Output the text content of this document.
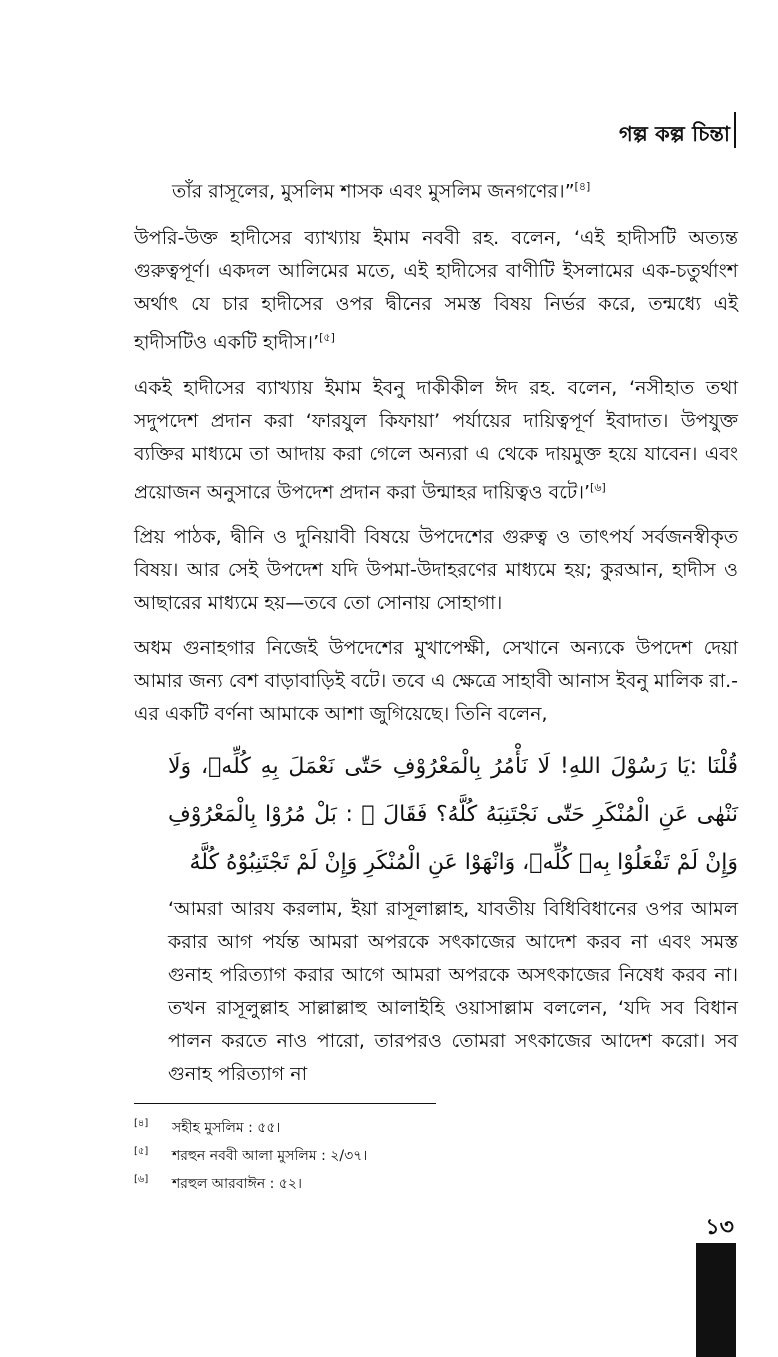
গল্প কল্প চিন্তা

তাঁর রাসূলের, মুসলিম শাসক এবং মুসলিম জনগণের।”[৪]

উপরি-উক্ত হাদীসের ব্যাখ্যায় ইমাম নববী রহ. বলেন, ‘এই হাদীসটি অত্যন্ত গুরুত্বপূর্ণ। একদল আলিমের মতে, এই হাদীসের বাণীটি ইসলামের এক-চতুর্থাংশ অর্থাৎ যে চার হাদীসের ওপর দ্বীনের সমস্ত বিষয় নির্ভর করে, তন্মধ্যে এই হাদীসটিও একটি হাদীস।’[৫]

একই হাদীসের ব্যাখ্যায় ইমাম ইবনু দাকীকীল ঈদ রহ. বলেন, ‘নসীহাত তথা সদুপদেশ প্রদান করা ‘ফারযুল কিফায়া’ পর্যায়ের দায়িত্বপূর্ণ ইবাদাত। উপযুক্ত ব্যক্তির মাধ্যমে তা আদায় করা গেলে অন্যরা এ থেকে দায়মুক্ত হয়ে যাবেন। এবং প্রয়োজন অনুসারে উপদেশ প্রদান করা উন্মাহর দায়িত্বও বটে।’[৬]

প্রিয় পাঠক, দ্বীনি ও দুনিয়াবী বিষয়ে উপদেশের গুরুত্ব ও তাৎপর্য সর্বজনস্বীকৃত বিষয়। আর সেই উপদেশ যদি উপমা-উদাহরণের মাধ্যমে হয়; কুরআন, হাদীস ও আছারের মাধ্যমে হয়—তবে তো সোনায় সোহাগা।

অধম গুনাহগার নিজেই উপদেশের মুখাপেক্ষী, সেখানে অন্যকে উপদেশ দেয়া আমার জন্য বেশ বাড়াবাড়িই বটে। তবে এ ক্ষেত্রে সাহাবী আনাস ইবনু মালিক রা.-এর একটি বর্ণনা আমাকে আশা জুগিয়েছে। তিনি বলেন,

قُلْنَا :يَا رَسُوْلَ اللهِ! لَا نَأْمُرُ بِالْمَعْرُوْفِ حَتّٰى نَعْمَلَ بِهِ كُلِّهٖ، وَلَا نَنْهٰى عَنِ الْمُنْكَرِ حَتّٰى نَجْتَنِبَهُ كُلَّهُ؟ فَقَالَ ﷺ : بَلْ مُرُوْا بِالْمَعْرُوْفِ وَإِنْ لَمْ تَفْعَلُوْا بِهٖ كُلِّهٖ، وَانْهَوْا عَنِ الْمُنْكَرِ وَإِنْ لَمْ تَجْتَنِبُوْهُ كُلَّهُ

‘আমরা আরয করলাম, ইয়া রাসূলাল্লাহ, যাবতীয় বিধিবিধানের ওপর আমল করার আগ পর্যন্ত আমরা অপরকে সৎকাজের আদেশ করব না এবং সমস্ত গুনাহ পরিত্যাগ করার আগে আমরা অপরকে অসৎকাজের নিষেধ করব না। তখন রাসূলুল্লাহ সাল্লাল্লাহু আলাইহি ওয়াসাল্লাম বললেন, ‘যদি সব বিধান পালন করতে নাও পারো, তারপরও তোমরা সৎকাজের আদেশ করো। সব গুনাহ পরিত্যাগ না

[৪] সহীহ মুসলিম : ৫৫।
[৫] শরহুন নববী আলা মুসলিম : ২/৩৭।
[৬] শরহুল আরবাঈন : ৫২।
১৩
